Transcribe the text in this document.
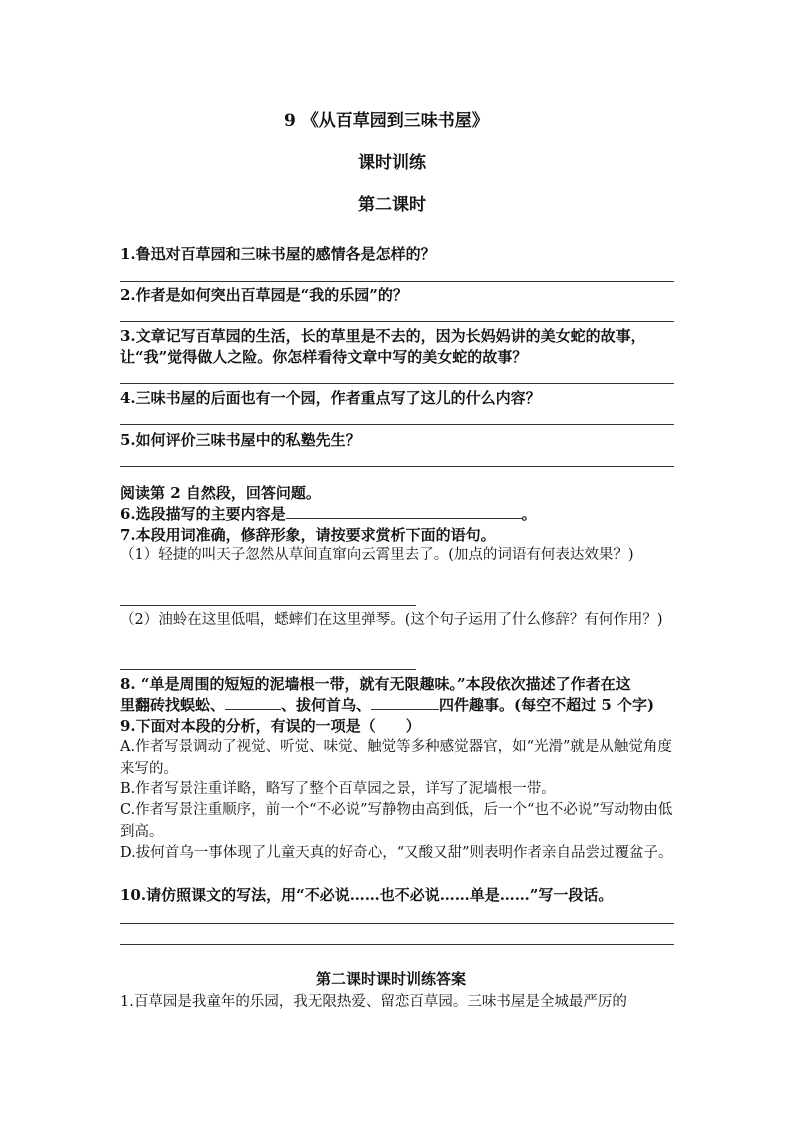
9 《从百草园到三味书屋》
课时训练
第二课时
1.鲁迅对百草园和三味书屋的感情各是怎样的？
2.作者是如何突出百草园是“我的乐园”的？
3.文章记写百草园的生活，长的草里是不去的，因为长妈妈讲的美女蛇的故事，
让“我”觉得做人之险。你怎样看待文章中写的美女蛇的故事？
4.三味书屋的后面也有一个园，作者重点写了这儿的什么内容？
5.如何评价三味书屋中的私塾先生？
阅读第 2 自然段，回答问题。
6.选段描写的主要内容是	。
7.本段用词准确，修辞形象，请按要求赏析下面的语句。
（1）轻捷的叫天子忽然从草间直窜向云霄里去了。(加点的词语有何表达效果？)
（2）油蛉在这里低唱，蟋蟀们在这里弹琴。(这个句子运用了什么修辞？有何作用？)
8. “单是周围的短短的泥墙根一带，就有无限趣味。”本段依次描述了作者在这
里翻砖找蜈蚣、	、拔何首乌、	四件趣事。(每空不超过 5 个字)
9.下面对本段的分析，有误的一项是（　　）
A.作者写景调动了视觉、听觉、味觉、触觉等多种感觉器官，如“光滑”就是从触觉角度来写的。
B.作者写景注重详略，略写了整个百草园之景，详写了泥墙根一带。
C.作者写景注重顺序，前一个“不必说”写静物由高到低，后一个“也不必说”写动物由低到高。
D.拔何首乌一事体现了儿童天真的好奇心，“又酸又甜”则表明作者亲自品尝过覆盆子。
10.请仿照课文的写法，用“不必说……也不必说……单是……”写一段话。
第二课时课时训练答案
1.百草园是我童年的乐园，我无限热爱、留恋百草园。三味书屋是全城最严厉的
